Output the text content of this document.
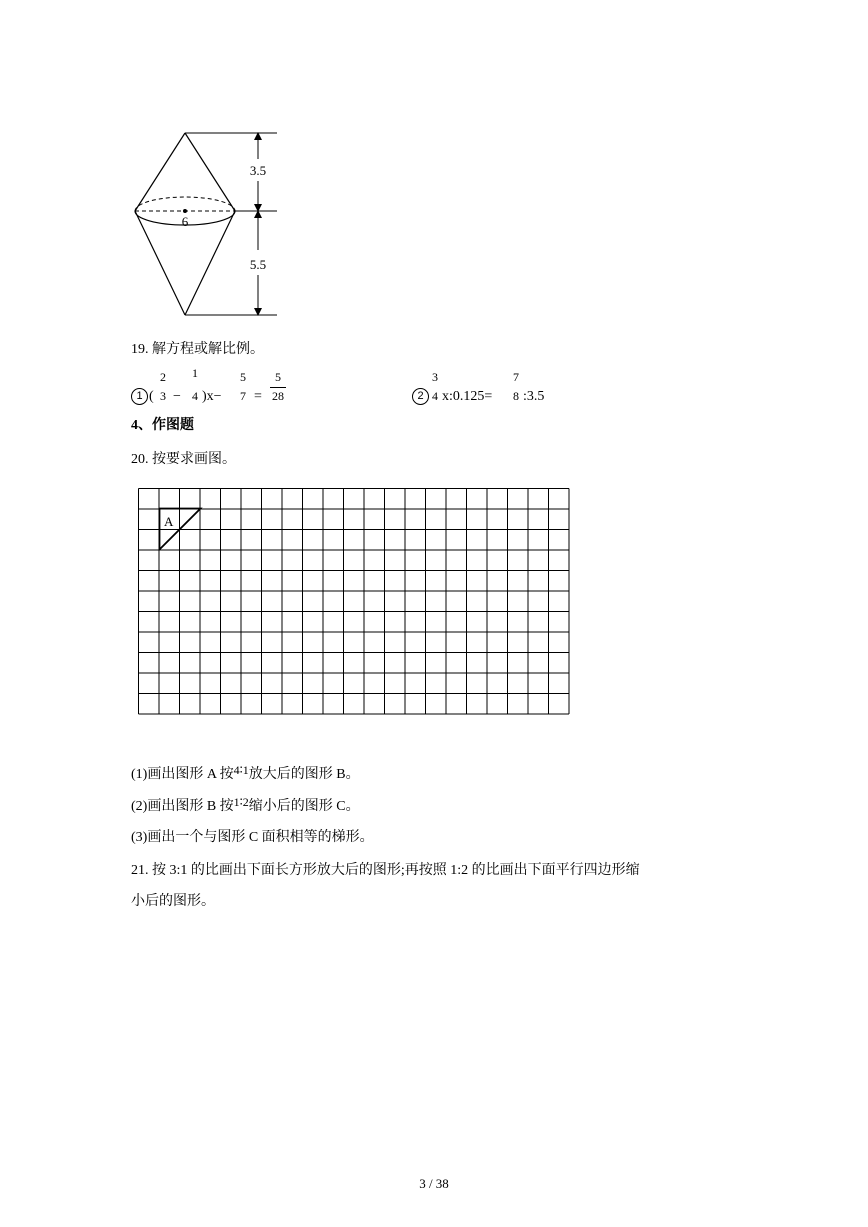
6
3.5
5.5
19. 解方程或解比例。
1 (
2
3 −
1
4 )x−
5
7 =
5
28	2
3
4 x:0.125=
7
8 :3.5
4、作图题
20. 按要求画图。
A
(1)画出图形 A 按4∶1放大后的图形 B。
(2)画出图形 B 按1∶2缩小后的图形 C。
(3)画出一个与图形 C 面积相等的梯形。
21. 按 3:1 的比画出下面长方形放大后的图形;再按照 1:2 的比画出下面平行四边形缩
小后的图形。
3 / 38
